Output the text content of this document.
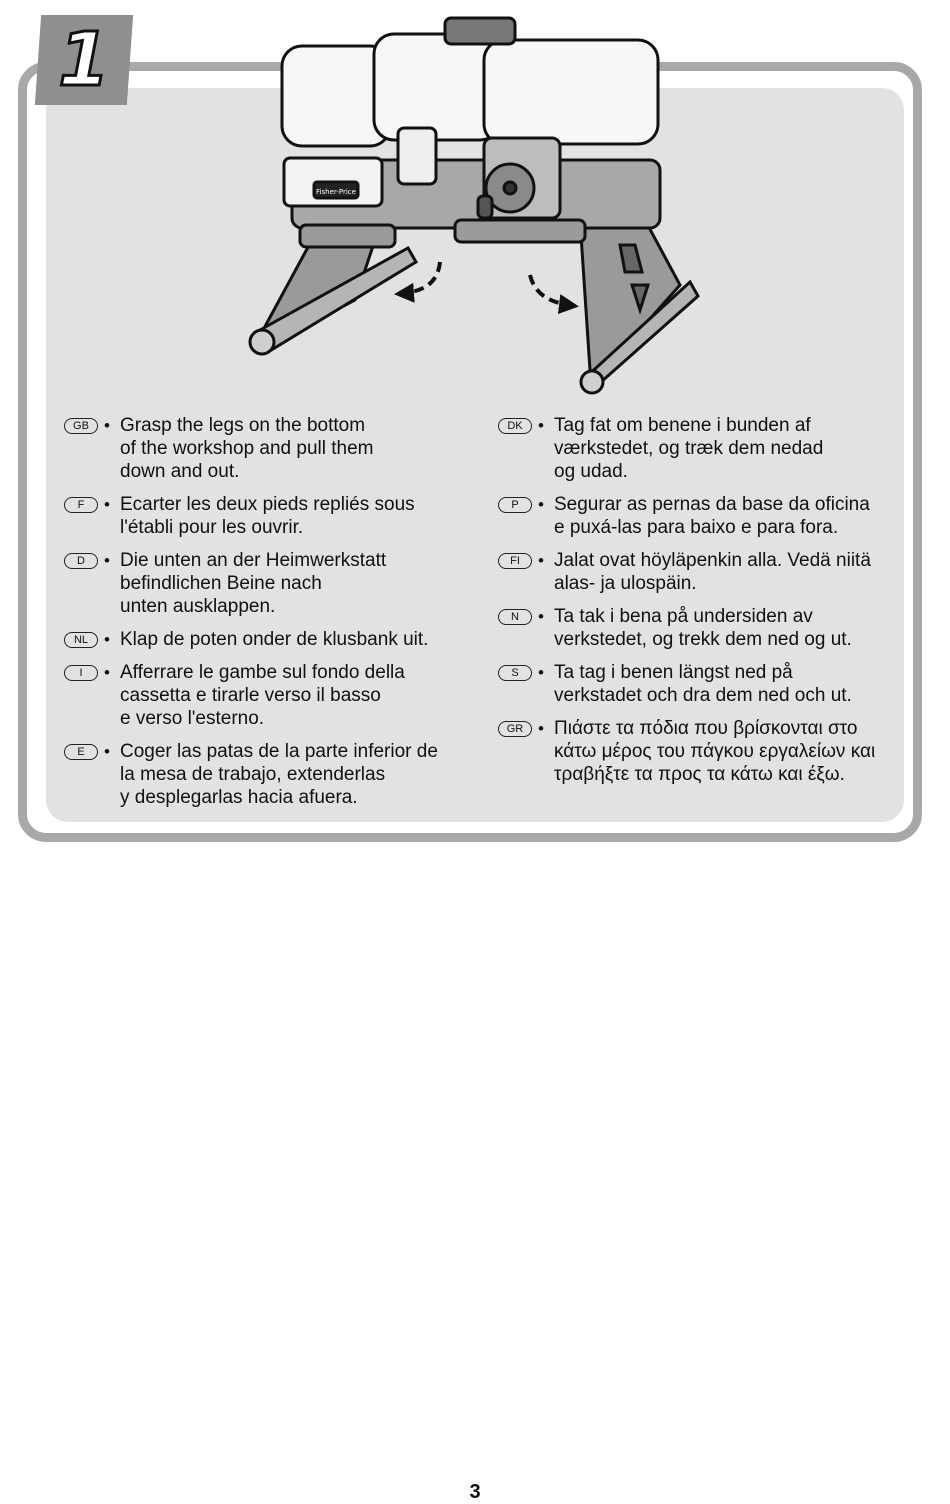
1
Fisher-Price
GB • Grasp the legs on the bottom
of the workshop and pull them
down and out.
F	• Ecarter les deux pieds repliés sous
l'établi pour les ouvrir.
D	• Die unten an der Heimwerkstatt
befindlichen Beine nach
unten ausklappen.
NL • Klap de poten onder de klusbank uit.
I	• Afferrare le gambe sul fondo della
cassetta e tirarle verso il basso
e verso l'esterno.
E	• Coger las patas de la parte inferior de
la mesa de trabajo, extenderlas
y desplegarlas hacia afuera.
DK • Tag fat om benene i bunden af
værkstedet, og træk dem nedad
og udad.
P	• Segurar as pernas da base da oficina
e puxá-las para baixo e para fora.
FI	• Jalat ovat höyläpenkin alla. Vedä niitä
alas- ja ulospäin.
N	• Ta tak i bena på undersiden av
verkstedet, og trekk dem ned og ut.
S	• Ta tag i benen längst ned på
verkstadet och dra dem ned och ut.
GR • Πιάστε τα πόδια που βρίσκονται στο
κάτω μέρος του πάγκου εργαλείων και
τραβήξτε τα προς τα κάτω και έξω.
3
